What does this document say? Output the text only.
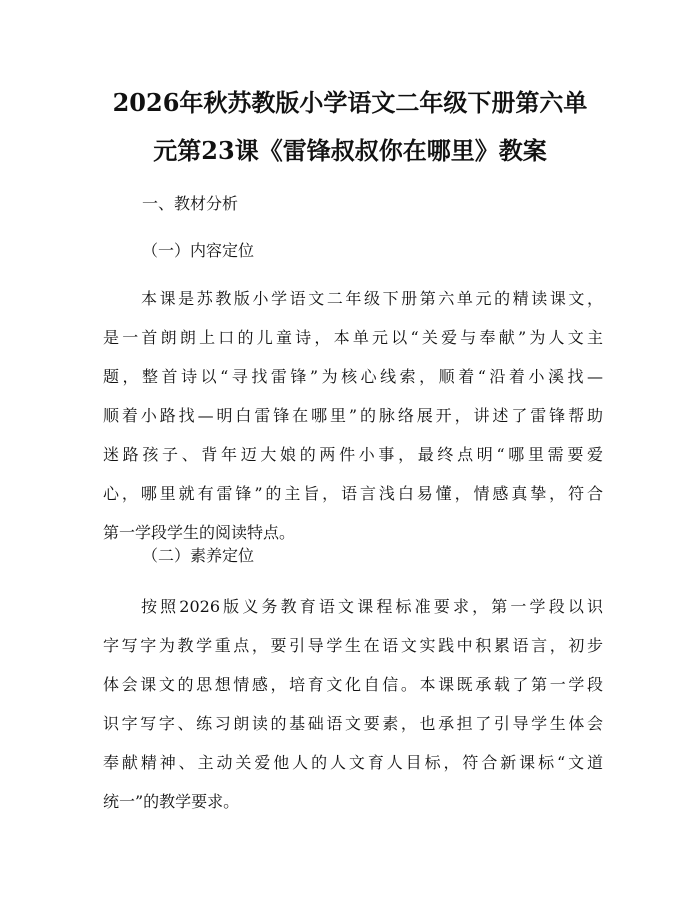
2026年秋苏教版小学语文二年级下册第六单
元第23课《雷锋叔叔你在哪里》教案
一、教材分析
（一）内容定位
本课是苏教版小学语文二年级下册第六单元的精读课文，
是一首朗朗上口的儿童诗，本单元以“关爱与奉献”为人文主
题，整首诗以“寻找雷锋”为核心线索，顺着“沿着小溪找—
顺着小路找—明白雷锋在哪里”的脉络展开，讲述了雷锋帮助
迷路孩子、背年迈大娘的两件小事，最终点明“哪里需要爱
心，哪里就有雷锋”的主旨，语言浅白易懂，情感真挚，符合
第一学段学生的阅读特点。
（二）素养定位
按照2026版义务教育语文课程标准要求，第一学段以识
字写字为教学重点，要引导学生在语文实践中积累语言，初步
体会课文的思想情感，培育文化自信。本课既承载了第一学段
识字写字、练习朗读的基础语文要素，也承担了引导学生体会
奉献精神、主动关爱他人的人文育人目标，符合新课标“文道
统一”的教学要求。
